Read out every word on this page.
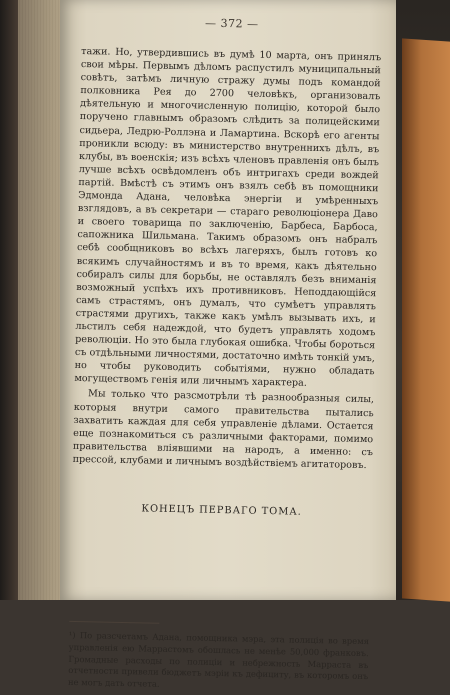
— 372 —

тажи. Но, утвердившись въ думѣ 10 марта, онъ принялъ свои мѣры. Первымъ дѣломъ распустилъ муниципальный совѣтъ, затѣмъ личную стражу думы подъ командой полковника Рея до 2700 человѣкъ, организовалъ дѣятельную и многочисленную полицію, которой было поручено главнымъ образомъ слѣдить за полицейскими сидьера, Ледрю-Роллэна и Ламартина. Вскорѣ его агенты проникли всюду: въ министерство внутреннихъ дѣлъ, въ клубы, въ военскія; изъ всѣхъ членовъ правленія онъ былъ лучше всѣхъ освѣдомленъ объ интригахъ среди вождей партій. Вмѣстѣ съ этимъ онъ взялъ себѣ въ помощники Эдмонда Адана, человѣка энергіи и умѣренныхъ взглядовъ, а въ секретари — стараго революціонера Даво и своего товарища по заключенію, Барбеса, Барбоса, сапожника Шильмана. Такимъ образомъ онъ набралъ себѣ сообщниковъ во всѣхъ лагеряхъ, былъ готовъ ко всякимъ случайностямъ и въ то время, какъ дѣятельно собиралъ силы для борьбы, не оставлялъ безъ вниманія возможный успѣхъ ихъ противниковъ. Неподдающійся самъ страстямъ, онъ думалъ, что сумѣетъ управлять страстями другихъ, также какъ умѣлъ вызывать ихъ, и льстилъ себя надеждой, что будетъ управлять ходомъ революціи. Но это была глубокая ошибка. Чтобы бороться съ отдѣльными личностями, достаточно имѣть тонкій умъ, но чтобы руководить событіями, нужно обладать могуществомъ генія или личнымъ характера.

Мы только что разсмотрѣли тѣ разнообразныя силы, которыя внутри самого правительства пытались захватить каждая для себя управленіе дѣлами. Остается еще познакомиться съ различными факторами, помимо правительства вліявшими на народъ, а именно: съ прессой, клубами и личнымъ воздѣйствіемъ агитаторовъ.

КОНЕЦЪ ПЕРВАГО ТОМА.

¹) По разсчетамъ Адана, помощника мэра, эта полиція во время управленія ею Маррастомъ обошлась не менѣе 50,000 франковъ. Громадные расходы по полиціи и небрежность Марраста въ отчетности привели бюджетъ мэріи къ дефициту, въ которомъ онъ не могъ дать отчета.
